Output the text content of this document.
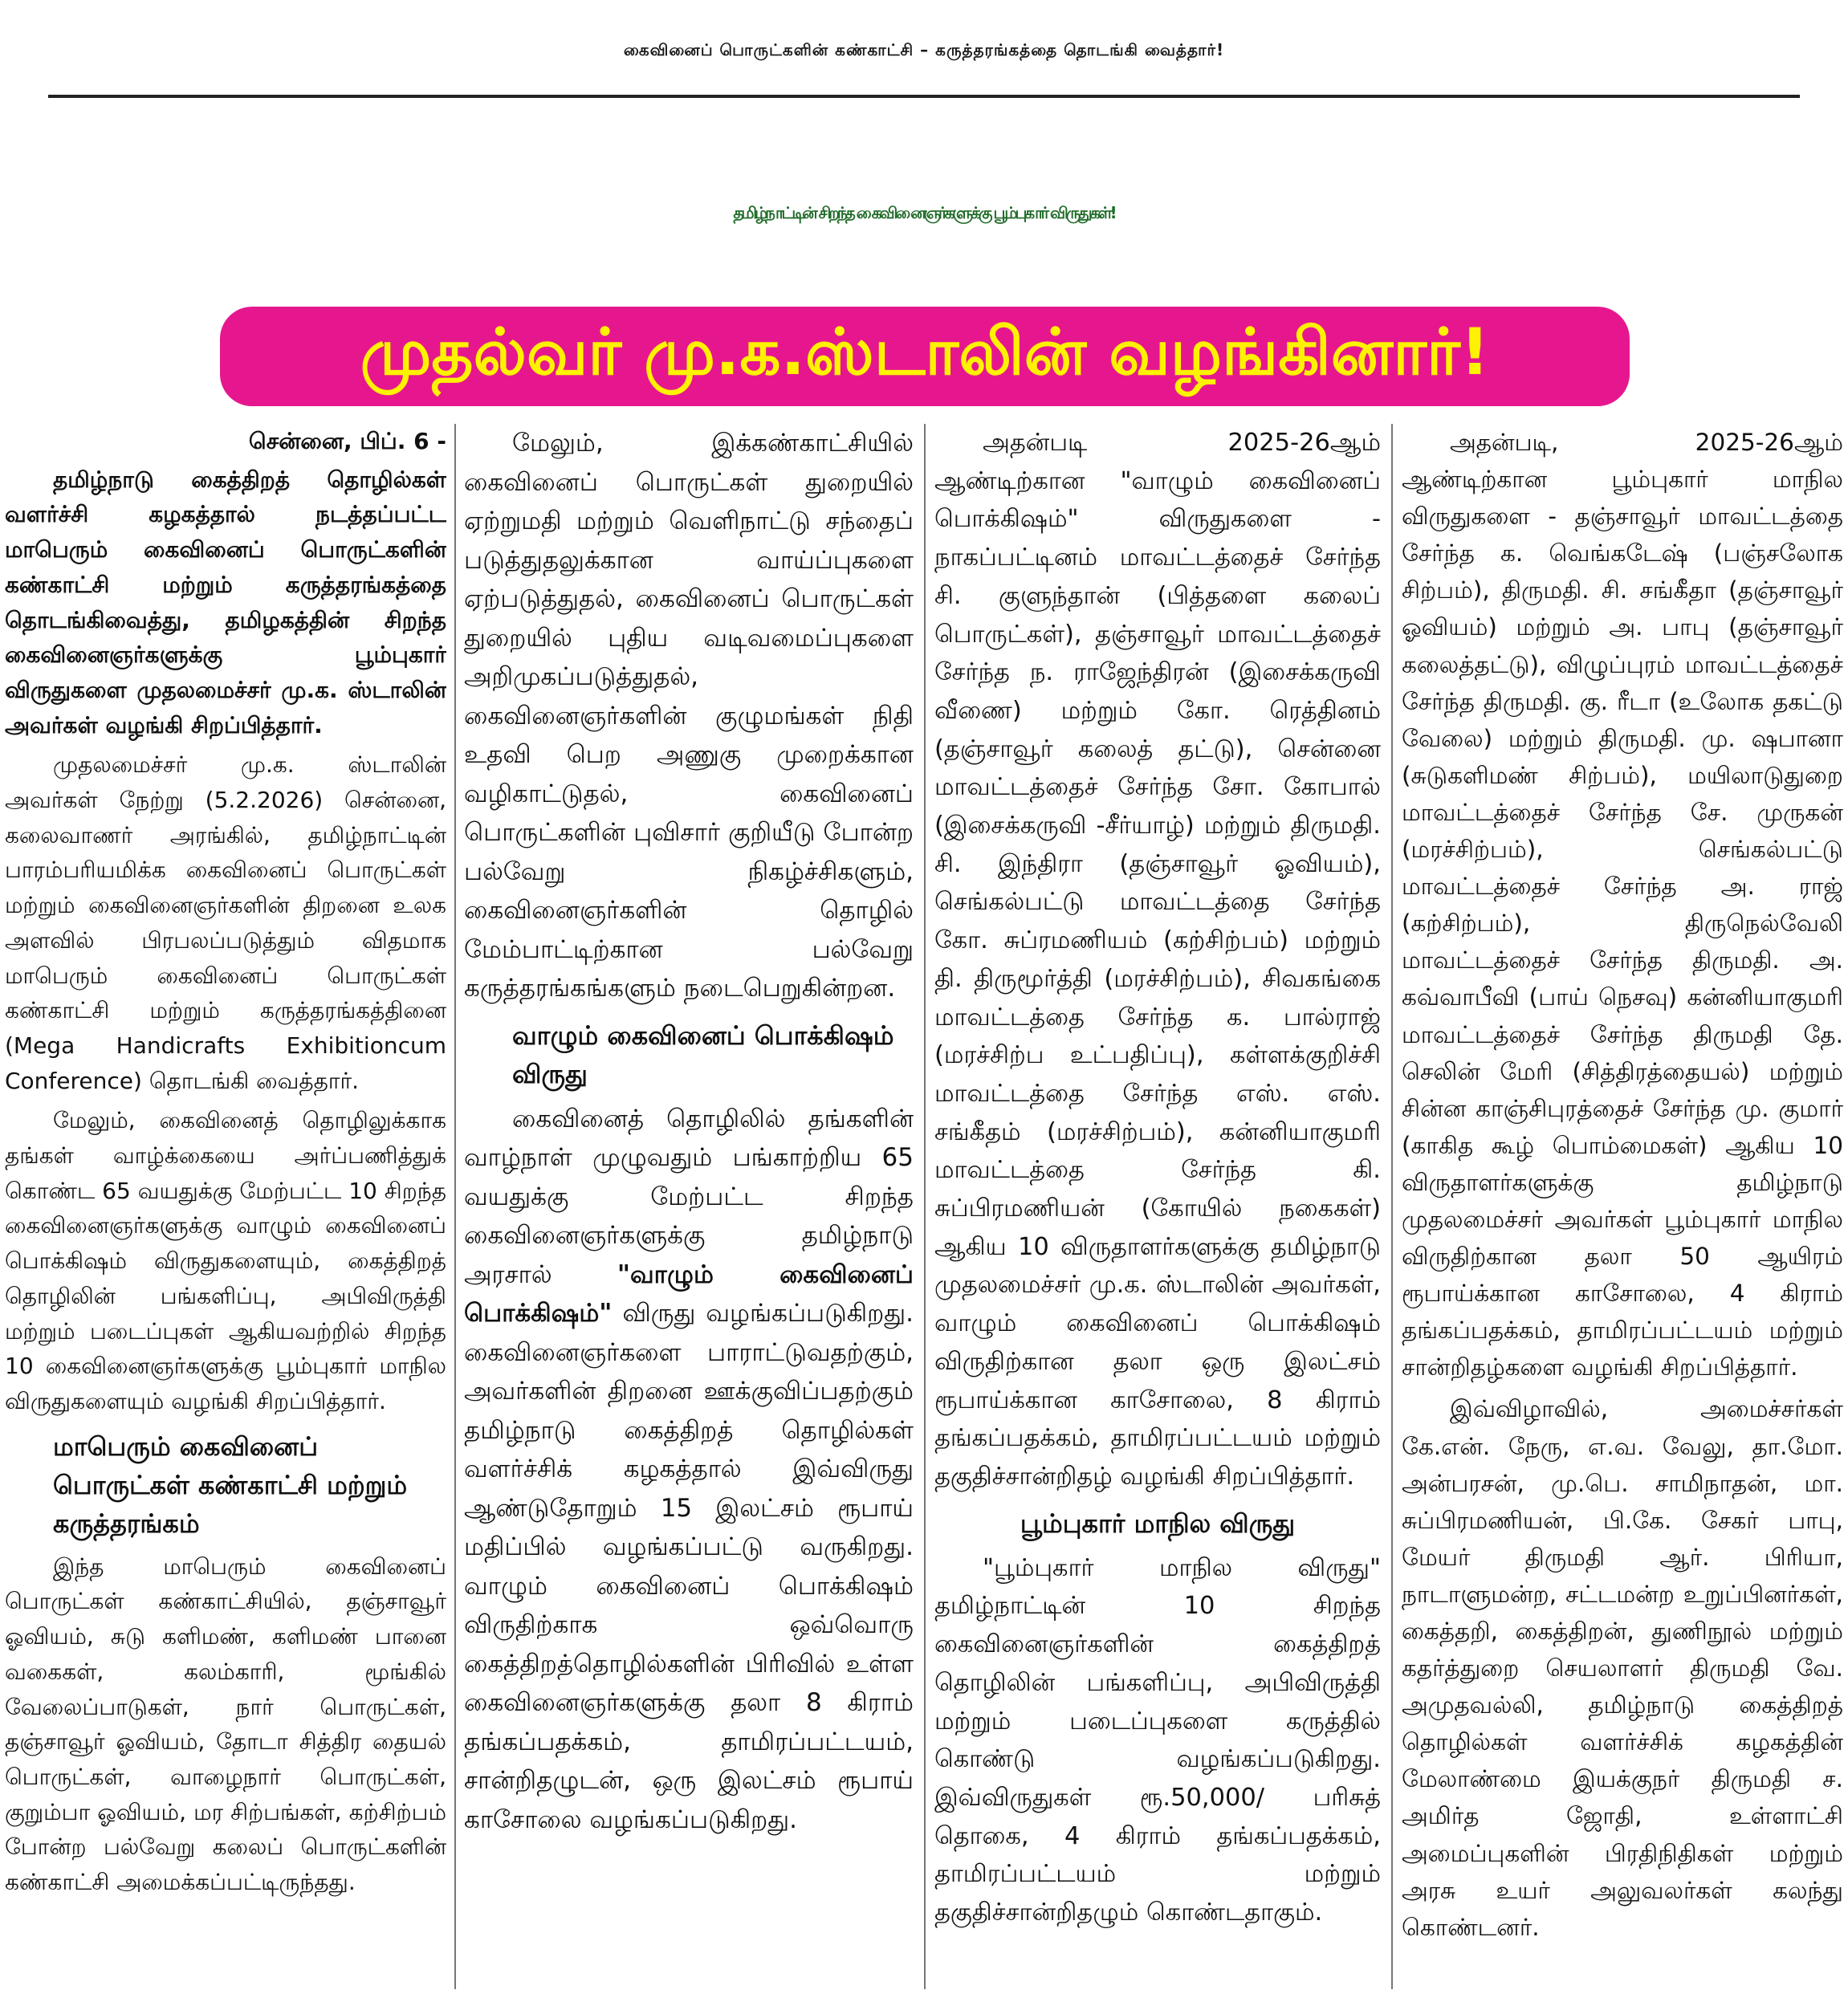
கைவினைப் பொருட்களின் கண்காட்சி – கருத்தரங்கத்தை தொடங்கி வைத்தார்!
தமிழ்நாட்டின் சிறந்த கைவினைஞர்களுக்கு பூம்புகார் விருதுகள்!
முதல்வர் மு.க.ஸ்டாலின் வழங்கினார்!

சென்னை, பிப். 6 -

தமிழ்நாடு கைத்திறத் தொழில்கள் வளர்ச்சி கழகத்தால் நடத்தப்பட்ட மாபெரும் கைவினைப் பொருட்களின் கண்காட்சி மற்றும் கருத்தரங்கத்தை தொடங்கிவைத்து, தமிழகத்தின் சிறந்த கைவினைஞர்களுக்கு பூம்புகார் விருதுகளை முதலமைச்சர் மு.க. ஸ்டாலின் அவர்கள் வழங்கி சிறப்பித்தார்.

முதலமைச்சர் மு.க. ஸ்டாலின் அவர்கள் நேற்று (5.2.2026) சென்னை, கலைவாணர் அரங்கில், தமிழ்நாட்டின் பாரம்பரியமிக்க கைவினைப் பொருட்கள் மற்றும் கைவினைஞர்களின் திறனை உலக அளவில் பிரபலப்படுத்தும் விதமாக மாபெரும் கைவினைப் பொருட்கள் கண்காட்சி மற்றும் கருத்தரங்கத்தினை (Mega Handicrafts Exhibitioncum Conference) தொடங்கி வைத்தார்.

மேலும், கைவினைத் தொழிலுக்காக தங்கள் வாழ்க்கையை அர்ப்பணித்துக் கொண்ட 65 வயதுக்கு மேற்பட்ட 10 சிறந்த கைவினைஞர்களுக்கு வாழும் கைவினைப் பொக்கிஷம் விருதுகளையும், கைத்திறத் தொழிலின் பங்களிப்பு, அபிவிருத்தி மற்றும் படைப்புகள் ஆகியவற்றில் சிறந்த 10 கைவினைஞர்களுக்கு பூம்புகார் மாநில விருதுகளையும் வழங்கி சிறப்பித்தார்.

மாபெரும் கைவினைப் பொருட்கள் கண்காட்சி மற்றும் கருத்தரங்கம்

இந்த மாபெரும் கைவினைப் பொருட்கள் கண்காட்சியில், தஞ்சாவூர் ஓவியம், சுடு களிமண், களிமண் பானை வகைகள், கலம்காரி, மூங்கில் வேலைப்பாடுகள், நார் பொருட்கள், தஞ்சாவூர் ஓவியம், தோடா சித்திர தையல் பொருட்கள், வாழைநார் பொருட்கள், குறும்பா ஓவியம், மர சிற்பங்கள், கற்சிற்பம் போன்ற பல்வேறு கலைப் பொருட்களின் கண்காட்சி அமைக்கப்பட்டிருந்தது.

மேலும், இக்கண்காட்சியில் கைவினைப் பொருட்கள் துறையில் ஏற்றுமதி மற்றும் வெளிநாட்டு சந்தைப் படுத்துதலுக்கான வாய்ப்புகளை ஏற்படுத்துதல், கைவினைப் பொருட்கள் துறையில் புதிய வடிவமைப்புகளை அறிமுகப்படுத்துதல், கைவினைஞர்களின் குழுமங்கள் நிதி உதவி பெற அணுகு முறைக்கான வழிகாட்டுதல், கைவினைப் பொருட்களின் புவிசார் குறியீடு போன்ற பல்வேறு நிகழ்ச்சிகளும், கைவினைஞர்களின் தொழில் மேம்பாட்டிற்கான பல்வேறு கருத்தரங்கங்களும் நடைபெறுகின்றன.

வாழும் கைவினைப் பொக்கிஷம் விருது

கைவினைத் தொழிலில் தங்களின் வாழ்நாள் முழுவதும் பங்காற்றிய 65 வயதுக்கு மேற்பட்ட சிறந்த கைவினைஞர்களுக்கு தமிழ்நாடு அரசால்	"வாழும் கைவினைப் பொக்கிஷம்" விருது வழங்கப்படுகிறது. கைவினைஞர்களை பாராட்டுவதற்கும், அவர்களின் திறனை ஊக்குவிப்பதற்கும் தமிழ்நாடு கைத்திறத் தொழில்கள் வளர்ச்சிக் கழகத்தால் இவ்விருது ஆண்டுதோறும் 15 இலட்சம் ரூபாய் மதிப்பில் வழங்கப்பட்டு வருகிறது. வாழும் கைவினைப் பொக்கிஷம் விருதிற்காக ஒவ்வொரு கைத்திறத்தொழில்களின் பிரிவில் உள்ள கைவினைஞர்களுக்கு தலா 8 கிராம் தங்கப்பதக்கம், தாமிரப்பட்டயம், சான்றிதழுடன், ஒரு இலட்சம் ரூபாய் காசோலை வழங்கப்படுகிறது.

அதன்படி 2025-26ஆம் ஆண்டிற்கான "வாழும் கைவினைப் பொக்கிஷம்" விருதுகளை - நாகப்பட்டினம் மாவட்டத்தைச் சேர்ந்த சி. குளுந்தான் (பித்தளை கலைப் பொருட்கள்), தஞ்சாவூர் மாவட்டத்தைச் சேர்ந்த ந. ராஜேந்திரன் (இசைக்கருவி வீணை) மற்றும் கோ. ரெத்தினம் (தஞ்சாவூர் கலைத் தட்டு), சென்னை மாவட்டத்தைச் சேர்ந்த சோ. கோபால் (இசைக்கருவி -சீர்யாழ்) மற்றும் திருமதி. சி. இந்திரா (தஞ்சாவூர் ஓவியம்), செங்கல்பட்டு மாவட்டத்தை சேர்ந்த கோ. சுப்ரமணியம் (கற்சிற்பம்) மற்றும் தி. திருமூர்த்தி (மரச்சிற்பம்), சிவகங்கை மாவட்டத்தை சேர்ந்த க. பால்ராஜ் (மரச்சிற்ப உட்பதிப்பு), கள்ளக்குறிச்சி மாவட்டத்தை சேர்ந்த எஸ். எஸ். சங்கீதம் (மரச்சிற்பம்), கன்னியாகுமரி மாவட்டத்தை சேர்ந்த கி. சுப்பிரமணியன் (கோயில் நகைகள்) ஆகிய 10 விருதாளர்களுக்கு தமிழ்நாடு முதலமைச்சர் மு.க. ஸ்டாலின் அவர்கள், வாழும் கைவினைப் பொக்கிஷம் விருதிற்கான தலா ஒரு இலட்சம் ரூபாய்க்கான காசோலை, 8 கிராம் தங்கப்பதக்கம், தாமிரப்பட்டயம் மற்றும் தகுதிச்சான்றிதழ் வழங்கி சிறப்பித்தார்.

பூம்புகார் மாநில விருது

"பூம்புகார் மாநில விருது" தமிழ்நாட்டின் 10 சிறந்த கைவினைஞர்களின் கைத்திறத் தொழிலின் பங்களிப்பு, அபிவிருத்தி மற்றும் படைப்புகளை கருத்தில் கொண்டு வழங்கப்படுகிறது. இவ்விருதுகள் ரூ.50,000/ பரிசுத் தொகை, 4 கிராம் தங்கப்பதக்கம், தாமிரப்பட்டயம் மற்றும் தகுதிச்சான்றிதழும் கொண்டதாகும்.

அதன்படி, 2025-26ஆம் ஆண்டிற்கான பூம்புகார் மாநில விருதுகளை - தஞ்சாவூர் மாவட்டத்தை சேர்ந்த க. வெங்கடேஷ் (பஞ்சலோக சிற்பம்), திருமதி. சி. சங்கீதா (தஞ்சாவூர் ஓவியம்) மற்றும் அ. பாபு (தஞ்சாவூர் கலைத்தட்டு), விழுப்புரம் மாவட்டத்தைச் சேர்ந்த திருமதி. கு. ரீடா (உலோக தகட்டு வேலை) மற்றும் திருமதி. மு. ஷபானா (சுடுகளிமண் சிற்பம்), மயிலாடுதுறை மாவட்டத்தைச் சேர்ந்த சே. முருகன் (மரச்சிற்பம்), செங்கல்பட்டு மாவட்டத்தைச் சேர்ந்த அ. ராஜ் (கற்சிற்பம்), திருநெல்வேலி மாவட்டத்தைச் சேர்ந்த திருமதி. அ. கவ்வாபீவி (பாய் நெசவு) கன்னியாகுமரி மாவட்டத்தைச் சேர்ந்த திருமதி தே. செலின் மேரி (சித்திரத்தையல்) மற்றும் சின்ன காஞ்சிபுரத்தைச் சேர்ந்த மு. குமார் (காகித கூழ் பொம்மைகள்) ஆகிய 10 விருதாளர்களுக்கு தமிழ்நாடு முதலமைச்சர் அவர்கள் பூம்புகார் மாநில விருதிற்கான தலா 50 ஆயிரம் ரூபாய்க்கான காசோலை, 4 கிராம் தங்கப்பதக்கம், தாமிரப்பட்டயம் மற்றும் சான்றிதழ்களை வழங்கி சிறப்பித்தார்.

இவ்விழாவில், அமைச்சர்கள் கே.என். நேரு, எ.வ. வேலு, தா.மோ. அன்பரசன், மு.பெ. சாமிநாதன், மா. சுப்பிரமணியன், பி.கே. சேகர் பாபு, மேயர் திருமதி ஆர். பிரியா, நாடாளுமன்ற, சட்டமன்ற உறுப்பினர்கள், கைத்தறி, கைத்திறன், துணிநூல் மற்றும் கதர்த்துறை செயலாளர் திருமதி வே. அமுதவல்லி, தமிழ்நாடு கைத்திறத் தொழில்கள் வளர்ச்சிக் கழகத்தின் மேலாண்மை இயக்குநர் திருமதி ச. அமிர்த ஜோதி, உள்ளாட்சி அமைப்புகளின் பிரதிநிதிகள் மற்றும் அரசு உயர் அலுவலர்கள் கலந்து கொண்டனர்.
